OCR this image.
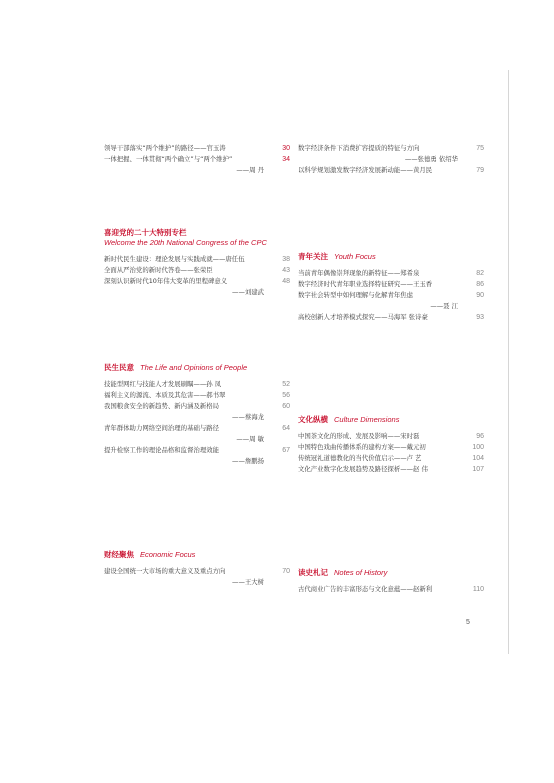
领导干部落实“两个维护”的路径——官玉涛	30
一体把握、一体贯彻“两个确立”与“两个维护”	34
——周 丹
喜迎党的二十大特别专栏
Welcome the 20th National Congress of the CPC
新时代民生建设：理论发展与实践成就——唐任伍	38
全面从严治党的新时代答卷——张荣臣	43
深刻认识新时代10年伟大变革的里程碑意义	48
——刘建武
民生民意 The Life and Opinions of People
技能型网红与技能人才发展刷瞩——孙 凤	52
福利主义的源流、本质及其危害——郝书翠	56
我国粮食安全的新趋势、新内涵及新格局	60
——蔡海龙
青年群体助力网络空间治理的基础与路径	64
——周 敏
提升检察工作的理论品格和监督治理效能	67
——詹鹏扬
财经聚焦 Economic Focus
建设全国统一大市场的重大意义及重点方向	70
——王大树
数字经济条件下消费扩容提质的特征与方向	75
——张德勇 依绍华
以科学规划激发数字经济发展新动能——黄月民	79
青年关注 Youth Focus
当前青年偶像崇拜现象的新特征——郑希泉	82
数字经济时代青年职业选择特征研究——王玉香	86
数字社会转型中如何理解与化解青年焦虑	90
——聂 江
高校创新人才培养模式探究——马海军 张诗豪	93
文化纵横 Culture Dimensions
中国茶文化的形成、发展及影响——宋时磊	96
中国特色戏曲传播体系的建构方案——戴元初	100
传统冠礼道德教化的当代价值启示——卢 艺	104
文化产业数字化发展趋势及路径探析——赵 伟	107
读史札记 Notes of History
古代商业广告的丰富形态与文化意蕴——赵新利	110
5
